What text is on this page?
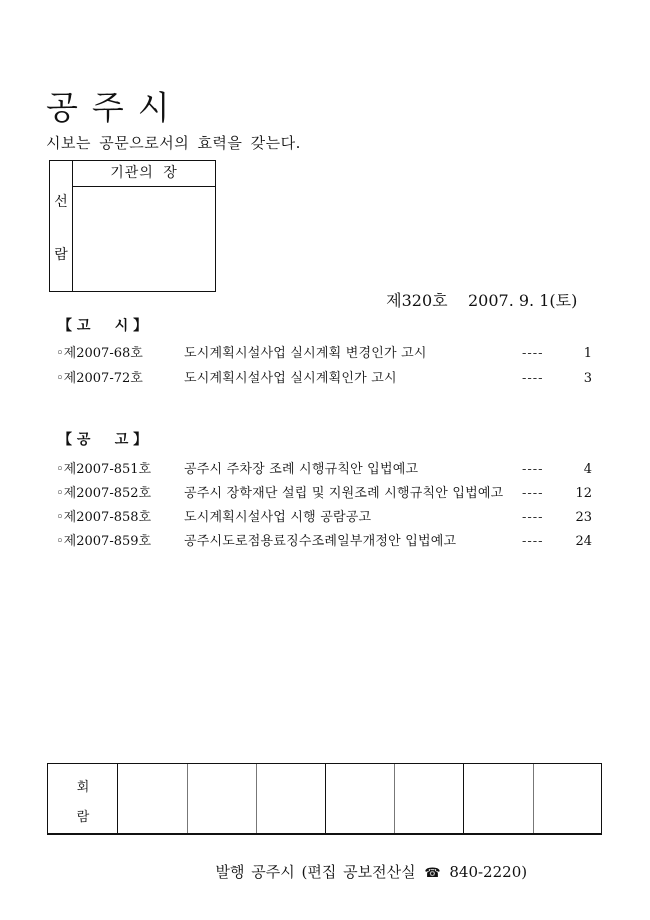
공주시
시보는 공문으로서의 효력을 갖는다.
선
람
기관의 장

제320호 2007. 9. 1(토)

【 고     시 】
◦제2007-68호	도시계획시설사업 실시계획 변경인가 고시	----	1
◦제2007-72호	도시계획시설사업 실시계획인가 고시	----	3
【 공     고 】
◦제2007-851호	공주시 주차장 조례 시행규칙안 입법예고	----	4
◦제2007-852호	공주시 장학재단 설립 및 지원조례 시행규칙안 입법예고 ---- 12
◦제2007-858호	도시계획시설사업 시행 공람공고	---- 23
◦제2007-859호	공주시도로점용료징수조례일부개정안 입법예고	---- 24
회
람

발행 공주시 (편집 공보전산실 ☎ 840-2220)
